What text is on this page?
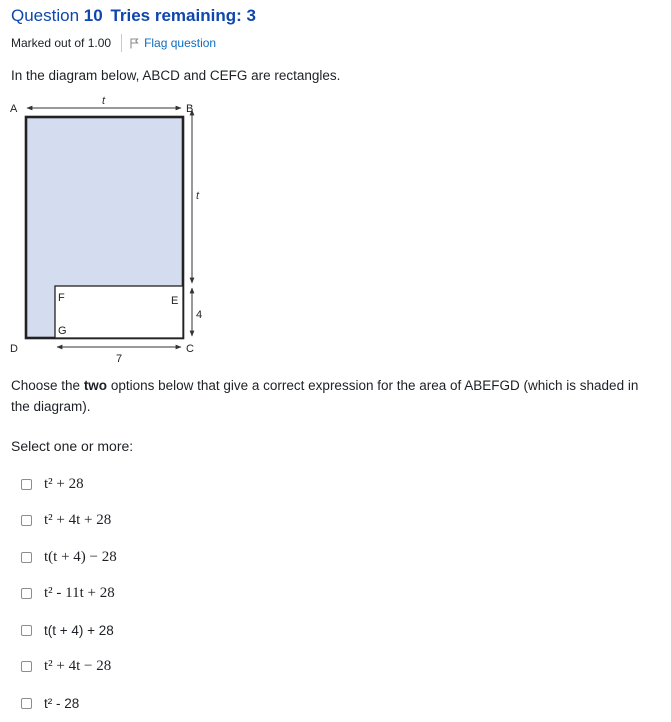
Question 10 Tries remaining: 3
Marked out of 1.00	Flag question
In the diagram below, ABCD and CEFG are rectangles.
A	B
C
D
E
F
G
t
t
4
7
Choose the two options below that give a correct expression for the area of ABEFGD (which is shaded in the diagram).
Select one or more:
t² + 28
t² + 4t + 28
t(t + 4) − 28
t² - 11t + 28
t(t + 4) + 28
t² + 4t − 28
t² - 28
